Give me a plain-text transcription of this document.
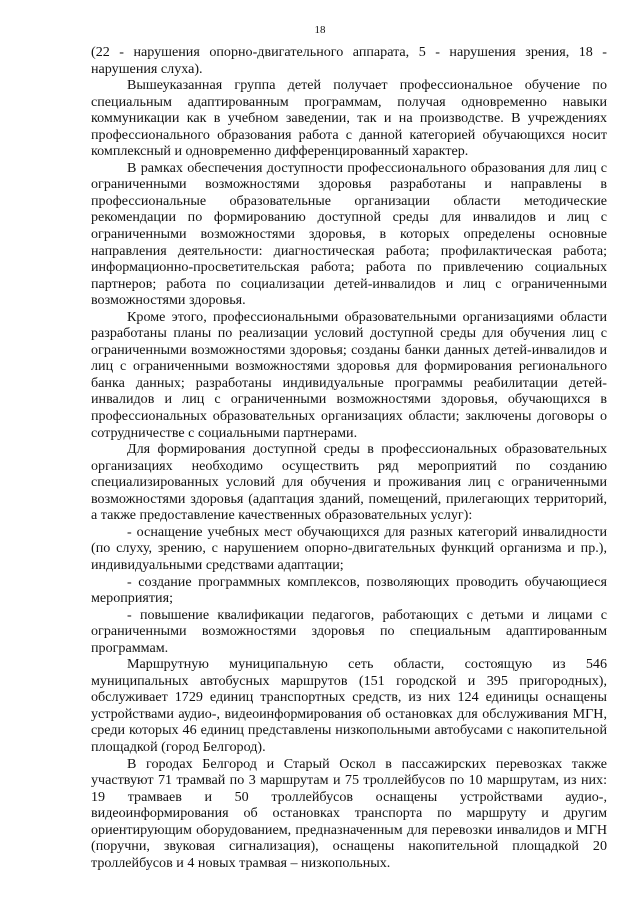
18

(22 - нарушения опорно-двигательного аппарата, 5 - нарушения зрения, 18 - нарушения слуха).

Вышеуказанная группа детей получает профессиональное обучение по специальным адаптированным программам, получая одновременно навыки коммуникации как в учебном заведении, так и на производстве. В учреждениях профессионального образования работа с данной категорией обучающихся носит комплексный и одновременно дифференцированный характер.

В рамках обеспечения доступности профессионального образования для лиц с ограниченными возможностями здоровья разработаны и направлены в профессиональные образовательные организации области методические рекомендации по формированию доступной среды для инвалидов и лиц с ограниченными возможностями здоровья, в которых определены основные направления деятельности: диагностическая работа; профилактическая работа; информационно-просветительская работа; работа по привлечению социальных партнеров; работа по социализации детей-инвалидов и лиц с ограниченными возможностями здоровья.

Кроме этого, профессиональными образовательными организациями области разработаны планы по реализации условий доступной среды для обучения лиц с ограниченными возможностями здоровья; созданы банки данных детей-инвалидов и лиц с ограниченными возможностями здоровья для формирования регионального банка данных; разработаны индивидуальные программы реабилитации детей-инвалидов и лиц с ограниченными возможностями здоровья, обучающихся в профессиональных образовательных организациях области; заключены договоры о сотрудничестве с социальными партнерами.

Для формирования доступной среды в профессиональных образовательных организациях необходимо осуществить ряд мероприятий по созданию специализированных условий для обучения и проживания лиц с ограниченными возможностями здоровья (адаптация зданий, помещений, прилегающих территорий, а также предоставление качественных образовательных услуг):

- оснащение учебных мест обучающихся для разных категорий инвалидности (по слуху, зрению, с нарушением опорно-двигательных функций организма и пр.), индивидуальными средствами адаптации;

- создание программных комплексов, позволяющих проводить обучающиеся мероприятия;

- повышение квалификации педагогов, работающих с детьми и лицами с ограниченными возможностями здоровья по специальным адаптированным программам.

Маршрутную муниципальную сеть области, состоящую из 546 муниципальных автобусных маршрутов (151 городской и 395 пригородных), обслуживает 1729 единиц транспортных средств, из них 124 единицы оснащены устройствами аудио-, видеоинформирования об остановках для обслуживания МГН, среди которых 46 единиц представлены низкопольными автобусами с накопительной площадкой (город Белгород).

В городах Белгород и Старый Оскол в пассажирских перевозках также участвуют 71 трамвай по 3 маршрутам и 75 троллейбусов по 10 маршрутам, из них: 19 трамваев и 50 троллейбусов оснащены устройствами аудио-, видеоинформирования об остановках транспорта по маршруту и другим ориентирующим оборудованием, предназначенным для перевозки инвалидов и МГН (поручни, звуковая сигнализация), оснащены накопительной площадкой 20 троллейбусов и 4 новых трамвая – низкопольных.
